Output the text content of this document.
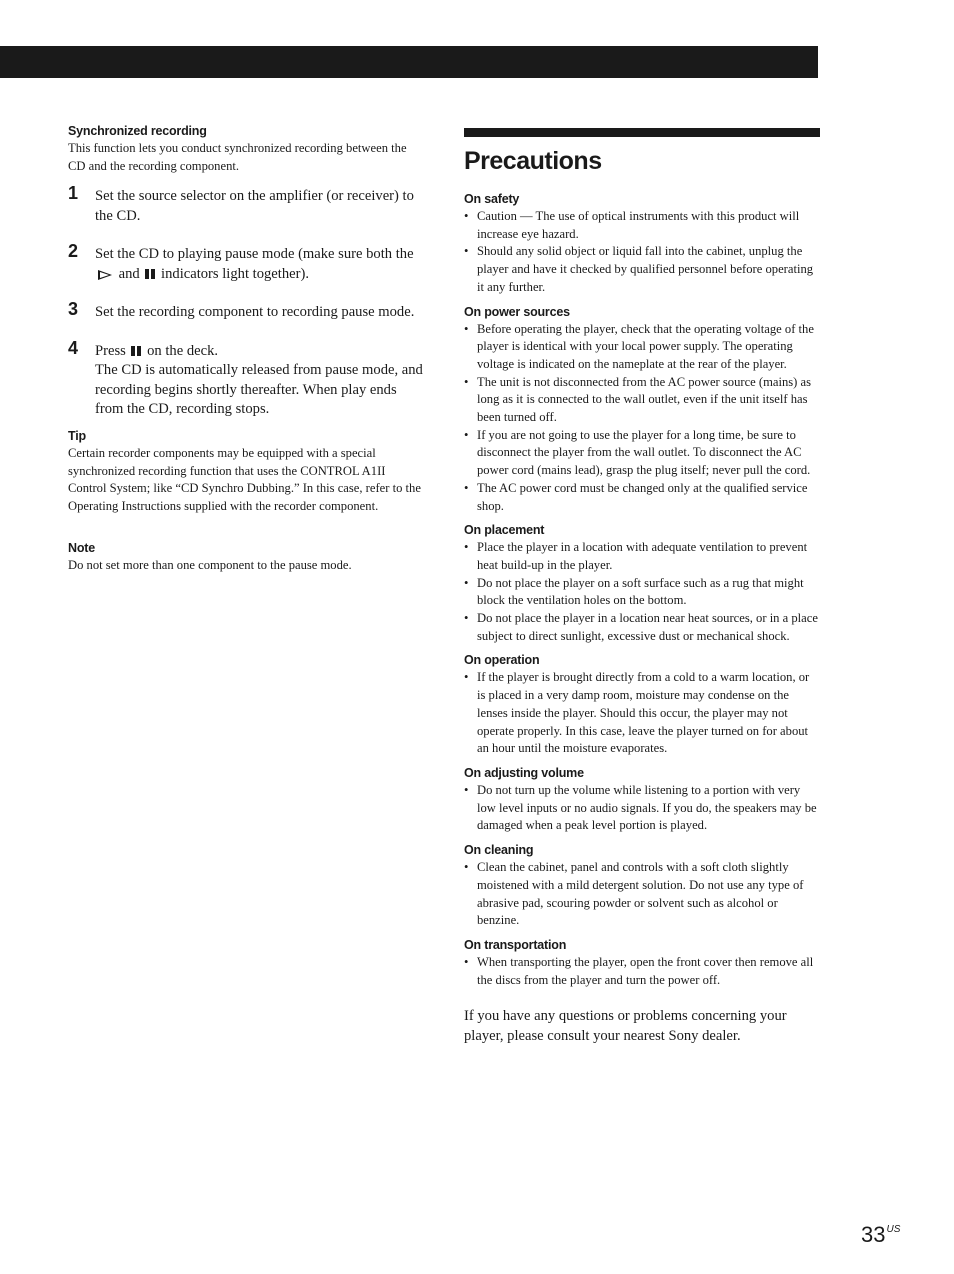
Synchronized recording
This function lets you conduct synchronized recording between the CD and the recording component.
1 Set the source selector on the amplifier (or receiver) to the CD.
2 Set the CD to playing pause mode (make sure both the  and indicators light together).
3 Set the recording component to recording pause mode.
4 Press on the deck.
The CD is automatically released from pause mode, and recording begins shortly thereafter. When play ends from the CD, recording stops.
Tip
Certain recorder components may be equipped with a special synchronized recording function that uses the CONTROL A1II Control System; like “CD Synchro Dubbing.” In this case, refer to the Operating Instructions supplied with the recorder component.
Note
Do not set more than one component to the pause mode.
Precautions
On safety
• Caution — The use of optical instruments with this product will increase eye hazard.
• Should any solid object or liquid fall into the cabinet, unplug the player and have it checked by qualified personnel before operating it any further.
On power sources
• Before operating the player, check that the operating voltage of the player is identical with your local power supply. The operating voltage is indicated on the nameplate at the rear of the player.
• The unit is not disconnected from the AC power source (mains) as long as it is connected to the wall outlet, even if the unit itself has been turned off.
• If you are not going to use the player for a long time, be sure to disconnect the player from the wall outlet. To disconnect the AC power cord (mains lead), grasp the plug itself; never pull the cord.
• The AC power cord must be changed only at the qualified service shop.
On placement
• Place the player in a location with adequate ventilation to prevent heat build-up in the player.
• Do not place the player on a soft surface such as a rug that might block the ventilation holes on the bottom.
• Do not place the player in a location near heat sources, or in a place subject to direct sunlight, excessive dust or mechanical shock.
On operation
• If the player is brought directly from a cold to a warm location, or is placed in a very damp room, moisture may condense on the lenses inside the player. Should this occur, the player may not operate properly. In this case, leave the player turned on for about an hour until the moisture evaporates.
On adjusting volume
• Do not turn up the volume while listening to a portion with very low level inputs or no audio signals. If you do, the speakers may be damaged when a peak level portion is played.
On cleaning
• Clean the cabinet, panel and controls with a soft cloth slightly moistened with a mild detergent solution. Do not use any type of abrasive pad, scouring powder or solvent such as alcohol or benzine.
On transportation
• When transporting the player, open the front cover then remove all the discs from the player and turn the power off.
If you have any questions or problems concerning your player, please consult your nearest Sony dealer.
$33^{US}$
